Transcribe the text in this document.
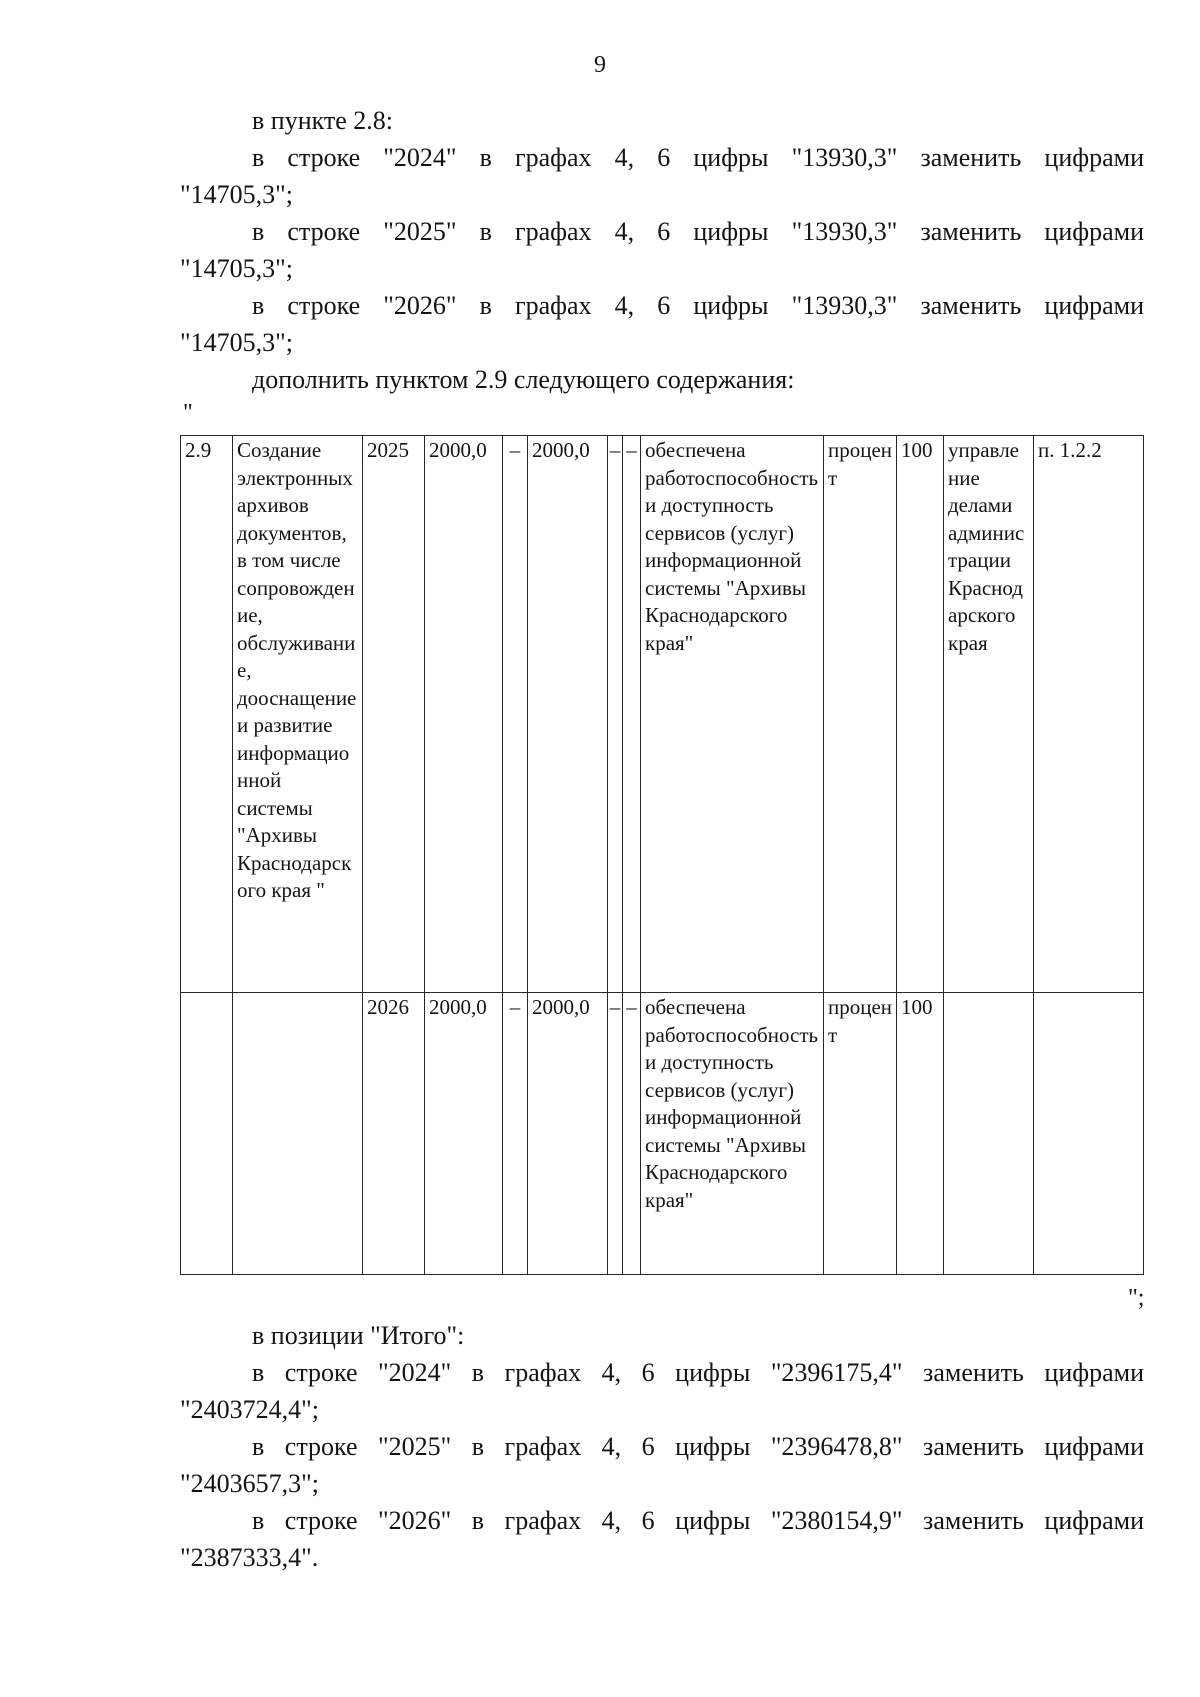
9

в пункте 2.8:

в строке "2024" в графах 4, 6 цифры "13930,3" заменить цифрами

"14705,3";

в строке "2025" в графах 4, 6 цифры "13930,3" заменить цифрами

"14705,3";

в строке "2026" в графах 4, 6 цифры "13930,3" заменить цифрами

"14705,3";

дополнить пунктом 2.9 следующего содержания:

"
2.9	Создание электронных архивов документов, в том числе сопровождение, обслуживание, дооснащение и развитие информационной системы "Архивы Краснодарского края "	2025	2000,0	–	2000,0	–	–	обеспечена работоспособность и доступность сервисов (услуг) информационной системы "Архивы Краснодарского края"	процент	100	управление делами администрации Краснодарского края	п. 1.2.2
		2026	2000,0	–	2000,0	–	–	обеспечена работоспособность и доступность сервисов (услуг) информационной системы "Архивы Краснодарского края"	процент	100		
";

в позиции "Итого":

в строке "2024" в графах 4, 6 цифры "2396175,4" заменить цифрами

"2403724,4";

в строке "2025" в графах 4, 6 цифры "2396478,8" заменить цифрами

"2403657,3";

в строке "2026" в графах 4, 6 цифры "2380154,9" заменить цифрами

"2387333,4".
